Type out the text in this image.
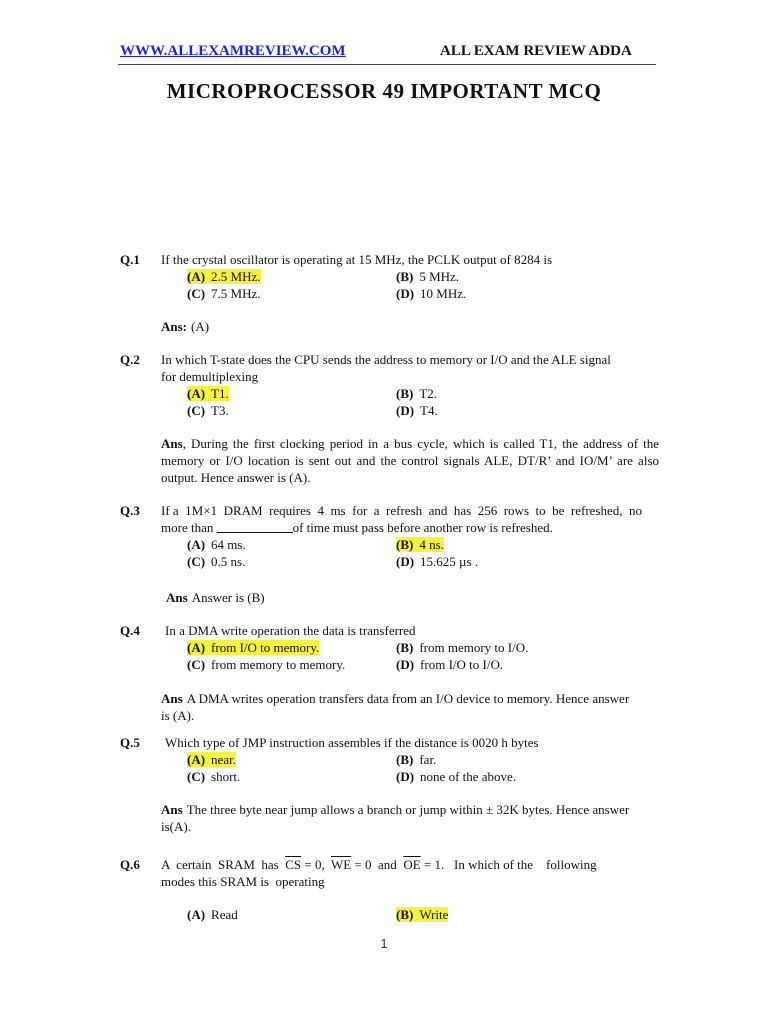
WWW.ALLEXAMREVIEW.COM	ALL EXAM REVIEW ADDA
MICROPROCESSOR 49 IMPORTANT MCQ
Q.1 If the crystal oscillator is operating at 15 MHz, the PCLK output of 8284 is
(A) 2.5 MHz.	(B) 5 MHz.
(C) 7.5 MHz.	(D) 10 MHz.
Ans: (A)
Q.2 In which T-state does the CPU sends the address to memory or I/O and the ALE signal
for demultiplexing
(A) T1.	(B) T2.
(C) T3.	(D) T4.
Ans, During the first clocking period in a bus cycle, which is called T1, the address of the memory or I/O location is sent out and the control signals ALE, DT/R’ and IO/M’ are also output. Hence answer is (A).
Q.3 If a  1M×1  DRAM  requires  4  ms  for  a  refresh  and  has  256  rows  to  be  refreshed,  no
more than	of time must pass before another row is refreshed.
(A) 64 ms.	(B) 4 ns.
(C) 0.5 ns.	(D) 15.625 µs .
Ans Answer is (B)
Q.4 In a DMA write operation the data is transferred
(A) from I/O to memory.	(B) from memory to I/O.
(C) from memory to memory.	(D) from I/O to I/O.
Ans A DMA writes operation transfers data from an I/O device to memory. Hence answer is (A).
Q.5 Which type of JMP instruction assembles if the distance is 0020 h bytes
(A) near.	(B) far.
(C) short.	(D) none of the above.
Ans The three byte near jump allows a branch or jump within ± 32K bytes. Hence answer is(A).
Q.6 A  certain  SRAM  has  $\overline{CS} = 0$,  $\overline{WE} = 0$  and  $\overline{OE} = 1$.   In which of the    following
modes this SRAM is  operating
(A) Read	(B) Write
1
